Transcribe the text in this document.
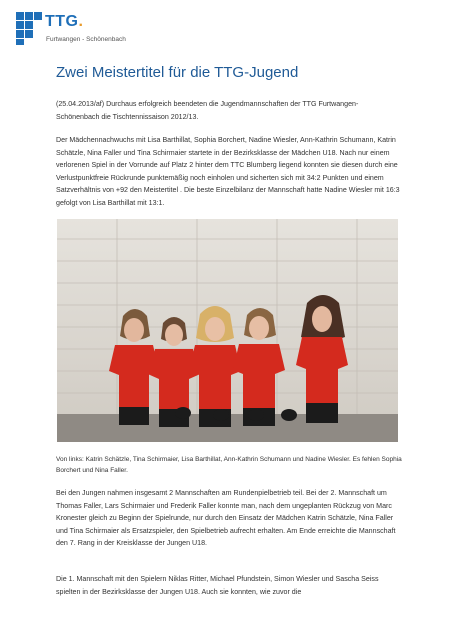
TTG.
Furtwangen - Schönenbach
Zwei Meistertitel für die TTG-Jugend

(25.04.2013/af) Durchaus erfolgreich beendeten die Jugendmannschaften der TTG Furtwangen-Schönenbach die Tischtennissaison 2012/13.

Der Mädchennachwuchs mit Lisa Barthillat, Sophia Borchert, Nadine Wiesler, Ann-Kathrin Schumann, Katrin Schätzle, Nina Faller und Tina Schirmaier startete in der Bezirksklasse der Mädchen U18. Nach nur einem verlorenen Spiel in der Vorrunde auf Platz 2 hinter dem TTC Blumberg liegend konnten sie diesen durch eine Verlustpunktfreie Rückrunde punktemäßig noch einholen und sicherten sich mit 34:2 Punkten und einem Satzverhältnis von +92 den Meistertitel . Die beste Einzelbilanz der Mannschaft hatte Nadine Wiesler mit 16:3 gefolgt von Lisa Barthillat mit 13:1.

Von links: Katrin Schätzle, Tina Schirmaier, Lisa Barthillat, Ann-Kathrin Schumann und Nadine Wiesler. Es fehlen Sophia Borchert und Nina Faller.

Bei den Jungen nahmen insgesamt 2 Mannschaften am Rundenpielbetrieb teil. Bei der 2. Mannschaft um Thomas Faller, Lars Schirmaier und Frederik Faller konnte man, nach dem ungeplanten Rückzug von Marc Kronester gleich zu Beginn der Spielrunde, nur durch den Einsatz der Mädchen Katrin Schätzle, Nina Faller und Tina Schirmaier als Ersatzspieler, den Spielbetrieb aufrecht erhalten. Am Ende erreichte die Mannschaft den 7. Rang in der Kreisklasse der Jungen U18.

Die 1. Mannschaft mit den Spielern Niklas Ritter, Michael Pfundstein, Simon Wiesler und Sascha Seiss spielten in der Bezirksklasse der Jungen U18. Auch sie konnten, wie zuvor die
